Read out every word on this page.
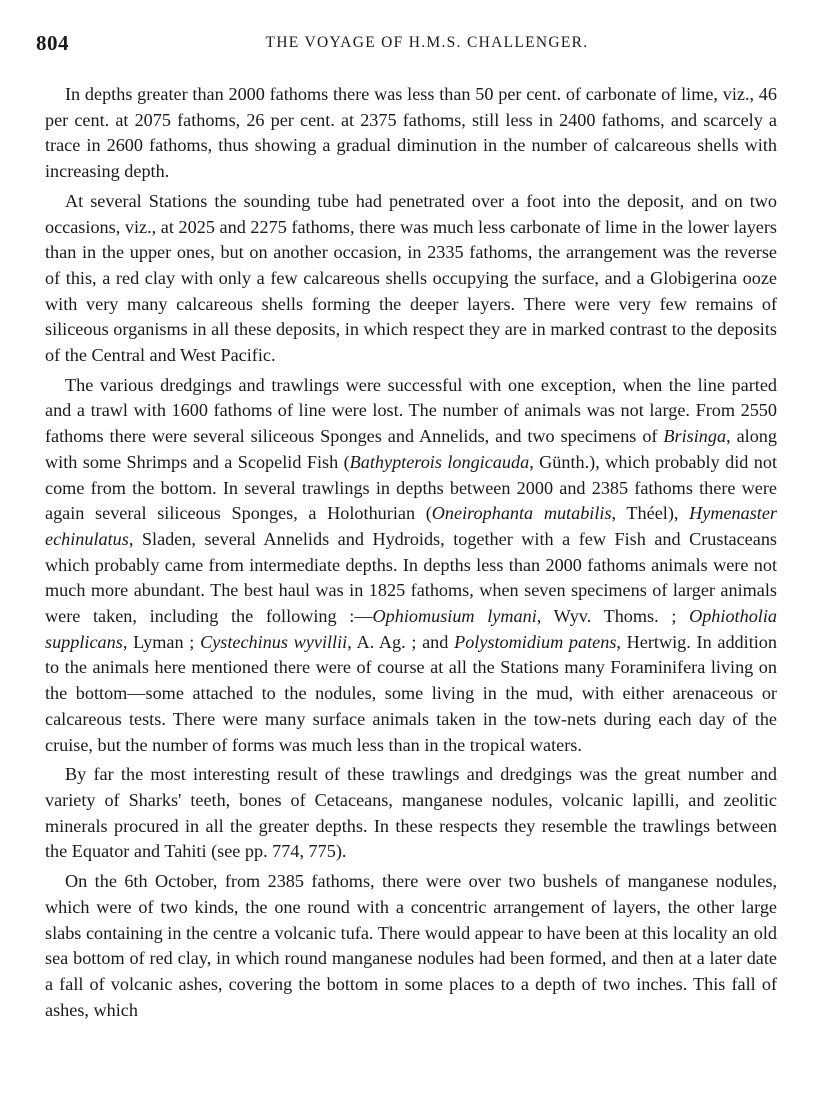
804	THE VOYAGE OF H.M.S. CHALLENGER.

In depths greater than 2000 fathoms there was less than 50 per cent. of carbonate of lime, viz., 46 per cent. at 2075 fathoms, 26 per cent. at 2375 fathoms, still less in 2400 fathoms, and scarcely a trace in 2600 fathoms, thus showing a gradual diminution in the number of calcareous shells with increasing depth.

At several Stations the sounding tube had penetrated over a foot into the deposit, and on two occasions, viz., at 2025 and 2275 fathoms, there was much less carbonate of lime in the lower layers than in the upper ones, but on another occasion, in 2335 fathoms, the arrangement was the reverse of this, a red clay with only a few calcareous shells occupying the surface, and a Globigerina ooze with very many calcareous shells forming the deeper layers. There were very few remains of siliceous organisms in all these deposits, in which respect they are in marked contrast to the deposits of the Central and West Pacific.

The various dredgings and trawlings were successful with one exception, when the line parted and a trawl with 1600 fathoms of line were lost. The number of animals was not large. From 2550 fathoms there were several siliceous Sponges and Annelids, and two specimens of Brisinga, along with some Shrimps and a Scopelid Fish (Bathypterois longicauda, Günth.), which probably did not come from the bottom. In several trawlings in depths between 2000 and 2385 fathoms there were again several siliceous Sponges, a Holothurian (Oneirophanta mutabilis, Théel), Hymenaster echinulatus, Sladen, several Annelids and Hydroids, together with a few Fish and Crustaceans which probably came from intermediate depths. In depths less than 2000 fathoms animals were not much more abundant. The best haul was in 1825 fathoms, when seven specimens of larger animals were taken, including the following :—Ophiomusium lymani, Wyv. Thoms. ; Ophiotholia supplicans, Lyman ; Cystechinus wyvillii, A. Ag. ; and Polystomidium patens, Hertwig. In addition to the animals here mentioned there were of course at all the Stations many Foraminifera living on the bottom—some attached to the nodules, some living in the mud, with either arenaceous or calcareous tests. There were many surface animals taken in the tow-nets during each day of the cruise, but the number of forms was much less than in the tropical waters.

By far the most interesting result of these trawlings and dredgings was the great number and variety of Sharks' teeth, bones of Cetaceans, manganese nodules, volcanic lapilli, and zeolitic minerals procured in all the greater depths. In these respects they resemble the trawlings between the Equator and Tahiti (see pp. 774, 775).

On the 6th October, from 2385 fathoms, there were over two bushels of manganese nodules, which were of two kinds, the one round with a concentric arrangement of layers, the other large slabs containing in the centre a volcanic tufa. There would appear to have been at this locality an old sea bottom of red clay, in which round manganese nodules had been formed, and then at a later date a fall of volcanic ashes, covering the bottom in some places to a depth of two inches. This fall of ashes, which
